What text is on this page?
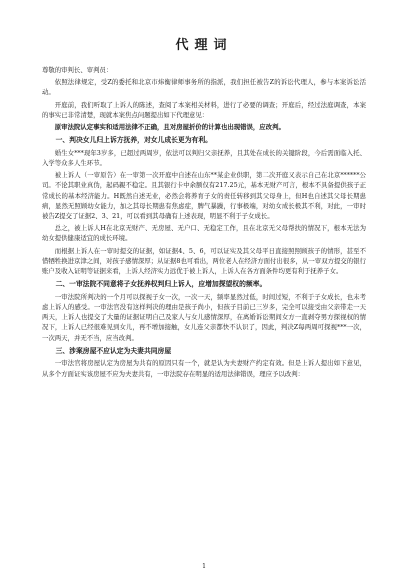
代理词
尊敬的审判长、审判员：
依照法律规定，受Z的委托和北京市炜衡律师事务所的指派，我们担任被告Z的诉讼代理人，参与本案诉讼活动。
开庭前，我们听取了上诉人的陈述，查阅了本案相关材料，进行了必要的调查；开庭后，经过法庭调查，本案的事实已非常清楚，现就本案焦点问题提出如下代理意见：
原审法院认定事实和适用法律不正确，且对房屋折价的计算也出现错误，应改判。
一、判决女儿归上诉方抚养，对女儿成长更为有利。
婚生女***现年3岁多，已超过两周岁，依法可以判归父亲抚养，且其处在成长的关键阶段，今后需面临入托、入学等众多人生环节。
被上诉人（一审原告）在一审第一次开庭中自述在山东**某企业供职，第二次开庭又表示自己在北京******公司。不论其职业真伪，起码親不稳定。且其银行卡中余额仅有217.25元，基本无财产可言，根本不具备提供孩子正常成长的基本经济能力。H既然自述无业，必然会将养育子女的责任转移到其父母身上，但H也自述其父母长期患病，显然无照顾幼女能力，加之其母长期患有焦虑症，脾气暴躁，行事极端，对幼女成长极其不利，对此，一审时被告Z提交了证据2、3、21，可以看到其母确有上述表现，明显不利于子女成长。
总之，被上诉人H在北京无财产、无房屋、无户口、无稳定工作，且在北京无父母帮扶的情况下，根本无法为幼女提供健康适宜的成长环境。
而根据上诉人在一审时提交的证据，如证据4、5、6，可以证实及其父母平日直接照照顾孩子的情形，甚至不惜牺牲换进京津之间，对孩子感情深厚；从证据8也可看出，两位老人在经济方面付出很多，从一审双方提交的银行账户及收入证明等证据来看，上诉人经济实力远优于被上诉人，上诉人在各方面条件均更有利于抚养子女。
二、一审法院不同意将子女抚养权判归上诉人，应增加探望权的频率。
一审法院所判决的一个月可以探视子女一次，一次一天，频率显然过低，时间过短，不利于子女成长，也未考虑上诉人的感受。一审法官没有这样判决的理由是孩子尚小，但孩子目前已三岁多，完全可以接受由父亲带走一天两天，上诉人也提交了大量的证据证明自己及家人与女儿感情深厚，在离婚诉讼期间女方一直剥夺男方探视权的情况下，上诉人已经很难见到女儿，再不增加接触，女儿连父亲都快不认识了，因此，判决Z每两周可探视***一次，一次两天，并无不当，应当改判。
三、涉案房屋不应认定为夫妻共同房屋
一审法官将房屋认定为房屋为共有的原因只有一个，就是认为夫妻财产约定有效。但是上诉人提出如下意见，从多个方面证实该房屋不应为夫妻共有，一审法院存在明显的适用法律错误，理应予以改判：
1
